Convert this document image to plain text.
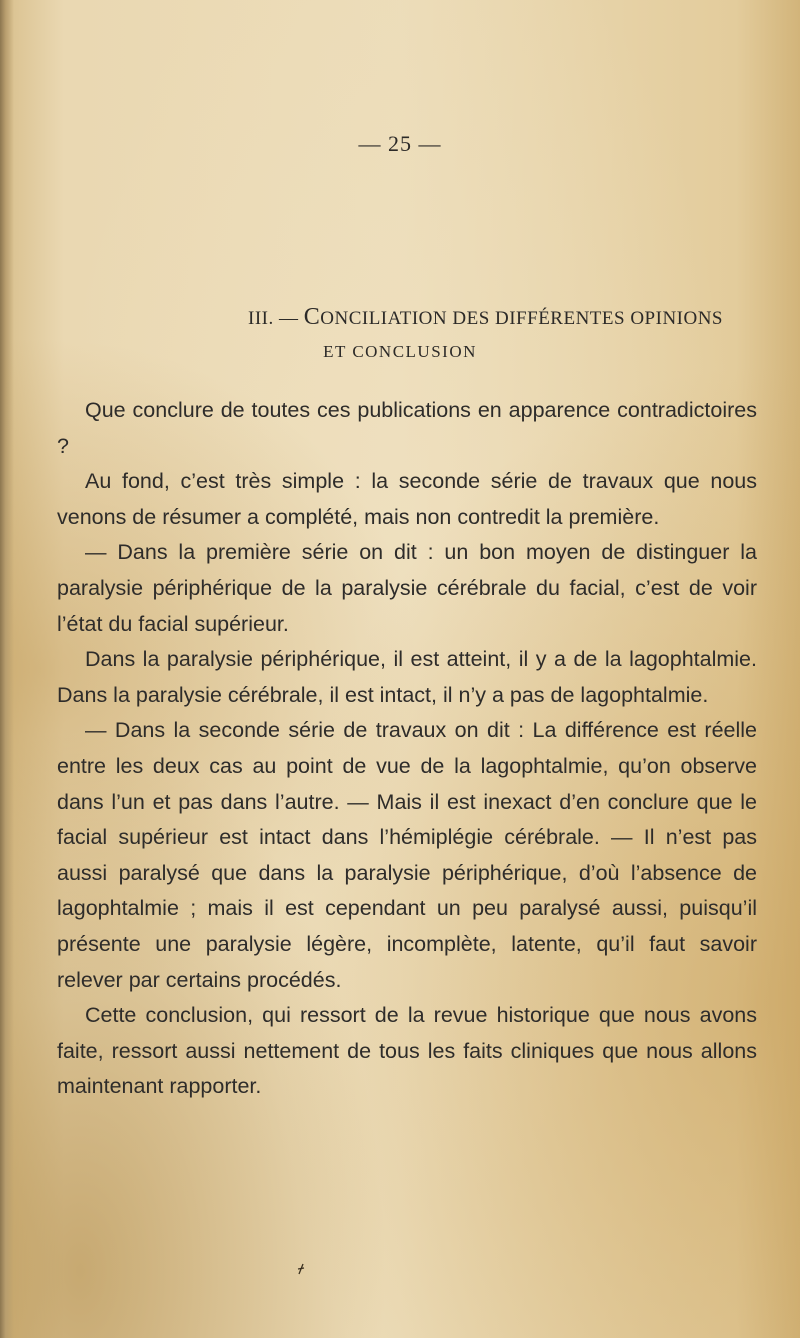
— 25 —
III. — CONCILIATION DES DIFFÉRENTES OPINIONS
ET CONCLUSION

Que conclure de toutes ces publications en apparence contradictoires ?

Au fond, c’est très simple : la seconde série de travaux que nous venons de résumer a complété, mais non contredit la première.

— Dans la première série on dit : un bon moyen de distinguer la paralysie périphérique de la paralysie cérébrale du facial, c’est de voir l’état du facial supérieur.

Dans la paralysie périphérique, il est atteint, il y a de la lagophtalmie. Dans la paralysie cérébrale, il est intact, il n’y a pas de lagophtalmie.

— Dans la seconde série de travaux on dit : La différence est réelle entre les deux cas au point de vue de la lagophtalmie, qu’on observe dans l’un et pas dans l’autre. — Mais il est inexact d’en conclure que le facial supérieur est intact dans l’hémiplégie cérébrale. — Il n’est pas aussi paralysé que dans la paralysie périphérique, d’où l’absence de lagophtalmie ; mais il est cependant un peu paralysé aussi, puisqu’il présente une paralysie légère, incomplète, latente, qu’il faut savoir relever par certains procédés.

Cette conclusion, qui ressort de la revue historique que nous avons faite, ressort aussi nettement de tous les faits cliniques que nous allons maintenant rapporter.
